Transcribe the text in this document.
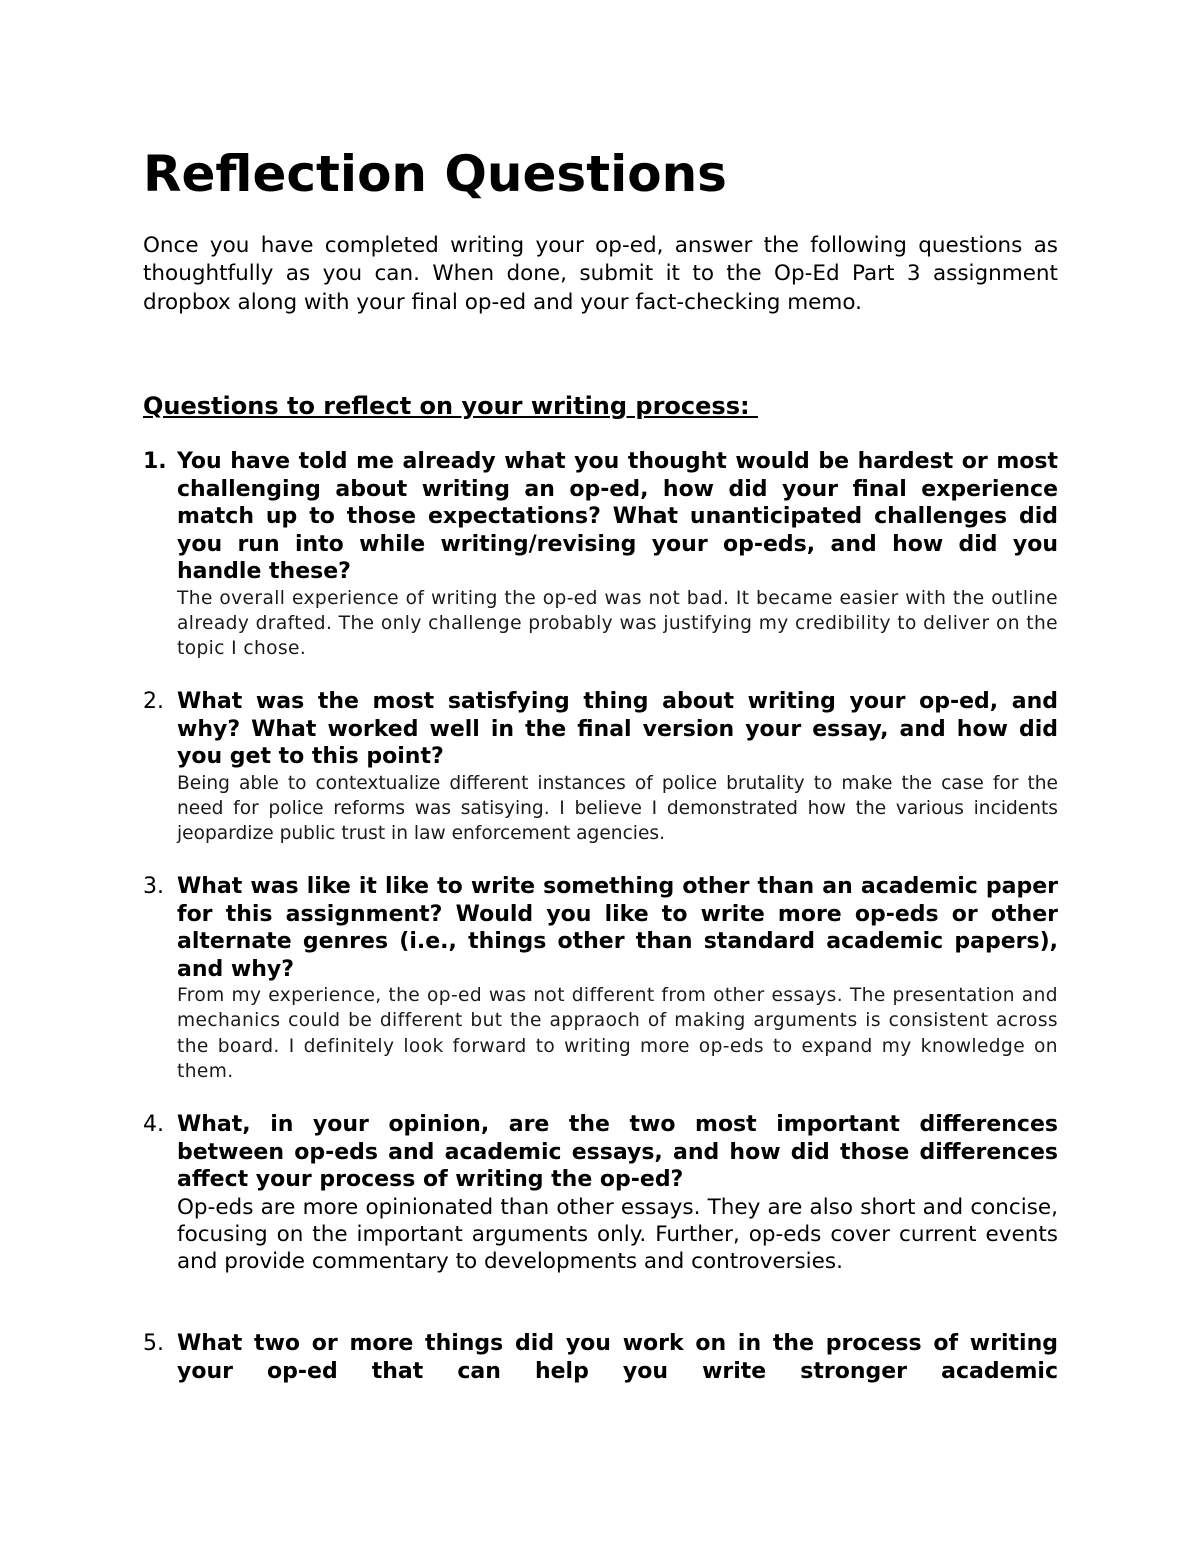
Reflection Questions

Once you have completed writing your op-ed, answer the following questions as thoughtfully as you can. When done, submit it to the Op-Ed Part 3 assignment dropbox along with your final op-ed and your fact-checking memo.

Questions to reflect on your writing process:
1. You have told me already what you thought would be hardest or most challenging about writing an op-ed, how did your final experience match up to those expectations? What unanticipated challenges did you run into while writing/revising your op-eds, and how did you handle these?

The overall experience of writing the op-ed was not bad. It became easier with the outline already drafted. The only challenge probably was justifying my credibility to deliver on the topic I chose.

2. What was the most satisfying thing about writing your op-ed, and why? What worked well in the final version your essay, and how did you get to this point?

Being able to contextualize different instances of police brutality to make the case for the need for police reforms was satisying. I believe I demonstrated how the various incidents jeopardize public trust in law enforcement agencies.

3. What was like it like to write something other than an academic paper for this assignment? Would you like to write more op-eds or other alternate genres (i.e., things other than standard academic papers), and why?

From my experience, the op-ed was not different from other essays. The presentation and mechanics could be different but the appraoch of making arguments is consistent across the board. I definitely look forward to writing more op-eds to expand my knowledge on them.

4. What, in your opinion, are the two most important differences between op-eds and academic essays, and how did those differences affect your process of writing the op-ed?

Op-eds are more opinionated than other essays. They are also short and concise, focusing on the important arguments only. Further, op-eds cover current events and provide commentary to developments and controversies.

5. What two or more things did you work on in the process of writing your op-ed that can help you write stronger academic
